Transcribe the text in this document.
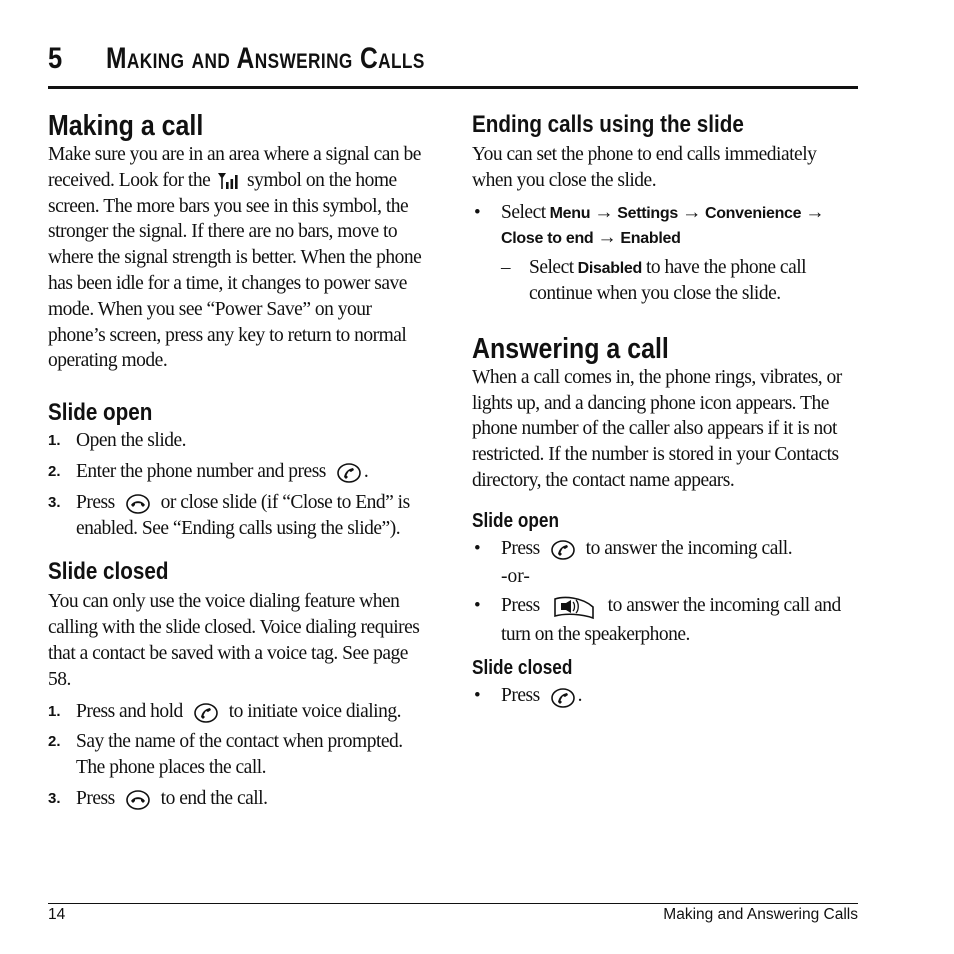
5 Making and Answering Calls
Making a call

Make sure you are in an area where a signal can be received. Look for the symbol on the home screen. The more bars you see in this symbol, the stronger the signal. If there are no bars, move to where the signal strength is better. When the phone has been idle for a time, it changes to power save mode. When you see “Power Save” on your phone’s screen, press any key to return to normal operating mode.

Slide open
1. Open the slide.
2. Enter the phone number and press .
3. Press or close slide (if “Close to End” is enabled. See “Ending calls using the slide”).
Slide closed

You can only use the voice dialing feature when calling with the slide closed. Voice dialing requires that a contact be saved with a voice tag. See page 58.

1. Press and hold to initiate voice dialing.
2. Say the name of the contact when prompted. The phone places the call.
3. Press to end the call.
Ending calls using the slide

You can set the phone to end calls immediately when you close the slide.

• Select Menu → Settings → Convenience → Close to end → Enabled
– Select Disabled to have the phone call continue when you close the slide.
Answering a call

When a call comes in, the phone rings, vibrates, or lights up, and a dancing phone icon appears. The phone number of the caller also appears if it is not restricted. If the number is stored in your Contacts directory, the contact name appears.

Slide open
• Press to answer the incoming call.
-or-
• Press	to answer the incoming call and turn on the speakerphone.
Slide closed
• Press .
14	Making and Answering Calls
